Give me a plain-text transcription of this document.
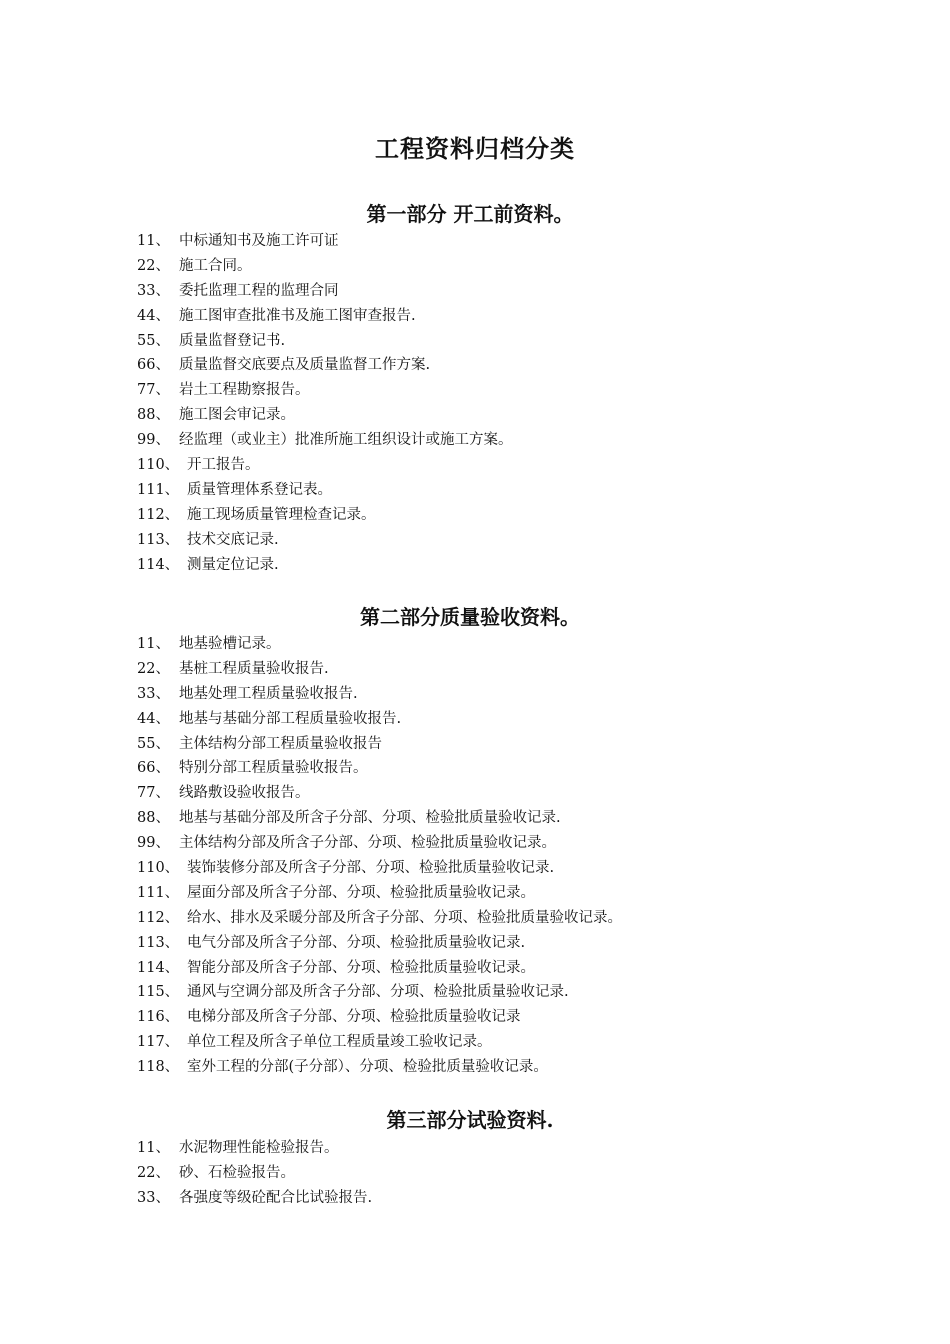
工程资料归档分类
第一部分 开工前资料。
11、 中标通知书及施工许可证
22、 施工合同。
33、 委托监理工程的监理合同
44、 施工图审查批准书及施工图审查报告.
55、 质量监督登记书.
66、 质量监督交底要点及质量监督工作方案.
77、 岩土工程勘察报告。
88、 施工图会审记录。
99、 经监理（或业主）批准所施工组织设计或施工方案。
110、 开工报告。
111、 质量管理体系登记表。
112、 施工现场质量管理检查记录。
113、 技术交底记录.
114、 测量定位记录.
第二部分质量验收资料。
11、 地基验槽记录。
22、 基桩工程质量验收报告.
33、 地基处理工程质量验收报告.
44、 地基与基础分部工程质量验收报告.
55、 主体结构分部工程质量验收报告
66、 特别分部工程质量验收报告。
77、 线路敷设验收报告。
88、 地基与基础分部及所含子分部、分项、检验批质量验收记录.
99、 主体结构分部及所含子分部、分项、检验批质量验收记录。
110、 装饰装修分部及所含子分部、分项、检验批质量验收记录.
111、 屋面分部及所含子分部、分项、检验批质量验收记录。
112、 给水、排水及采暖分部及所含子分部、分项、检验批质量验收记录。
113、 电气分部及所含子分部、分项、检验批质量验收记录.
114、 智能分部及所含子分部、分项、检验批质量验收记录。
115、 通风与空调分部及所含子分部、分项、检验批质量验收记录.
116、 电梯分部及所含子分部、分项、检验批质量验收记录
117、 单位工程及所含子单位工程质量竣工验收记录。
118、 室外工程的分部(子分部）、分项、检验批质量验收记录。
第三部分试验资料.
11、 水泥物理性能检验报告。
22、 砂、石检验报告。
33、 各强度等级砼配合比试验报告.
